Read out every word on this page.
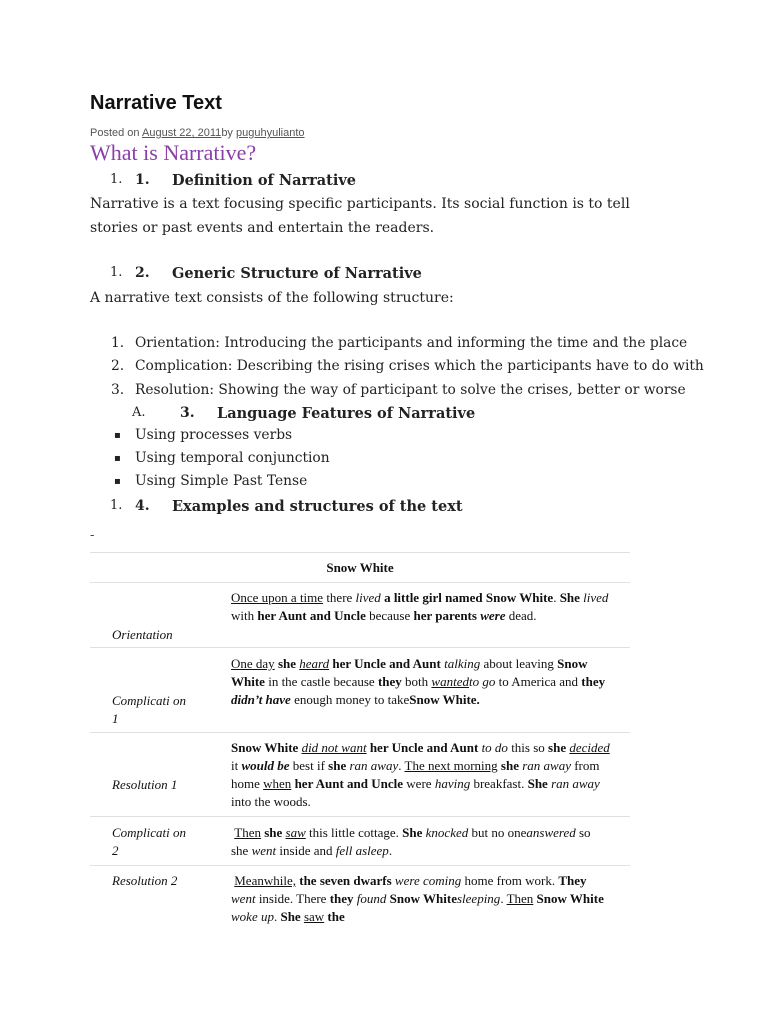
Narrative Text
Posted on August 22, 2011by puguhyulianto
What is Narrative?
1. 1. Definition of Narrative
Narrative is a text focusing specific participants. Its social function is to tell stories or past events and entertain the readers.
1. 2. Generic Structure of Narrative
A narrative text consists of the following structure:
1. Orientation: Introducing the participants and informing the time and the place
2. Complication: Describing the rising crises which the participants have to do with
3. Resolution: Showing the way of participant to solve the crises, better or worse
A. 3. Language Features of Narrative
▪ Using processes verbs
▪ Using temporal conjunction
▪ Using Simple Past Tense
1. 4. Examples and structures of the text
-
Snow White
Orientation
Once upon a time there lived a little girl named Snow White. She lived with her Aunt and Uncle because her parents were dead.
Complicati on 1
One day she heard her Uncle and Aunt talking about leaving Snow White in the castle because they both wantedto go to America and they didn’t have enough money to takeSnow White.
Resolution 1
Snow White did not want her Uncle and Aunt to do this so she decided it would be best if she ran away. The next morning she ran away from home when her Aunt and Uncle were having breakfast. She ran away into the woods.
Complicati on 2
Then she saw this little cottage. She knocked but no oneanswered so she went inside and fell asleep.
Resolution 2	Meanwhile, the seven dwarfs were coming home from work. They went inside. There they found Snow Whitesleeping. Then Snow White woke up. She saw the
